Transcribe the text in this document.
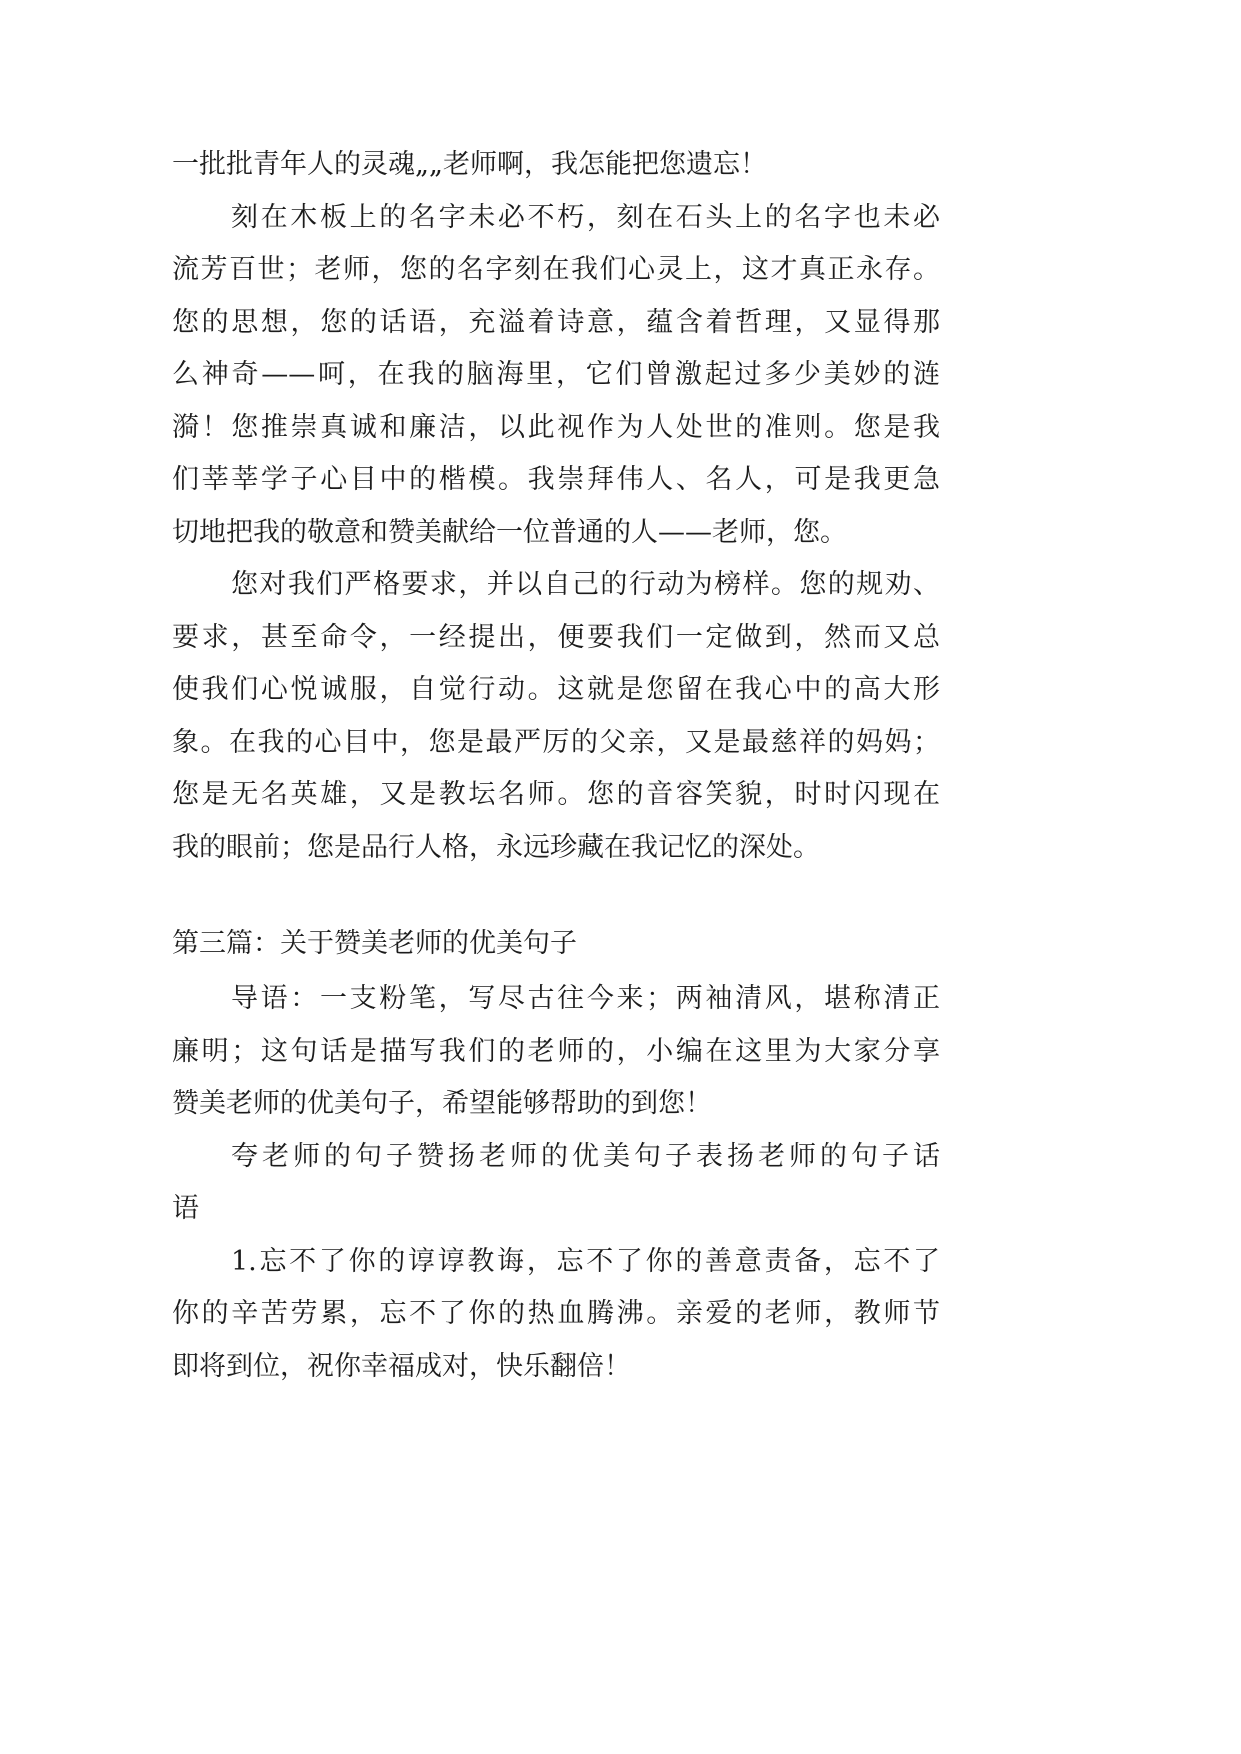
一批批青年人的灵魂„„老师啊，我怎能把您遗忘！
刻在木板上的名字未必不朽，刻在石头上的名字也未必
流芳百世；老师，您的名字刻在我们心灵上，这才真正永存。
您的思想，您的话语，充溢着诗意，蕴含着哲理，又显得那
么神奇——呵，在我的脑海里，它们曾激起过多少美妙的涟
漪！您推崇真诚和廉洁，以此视作为人处世的准则。您是我
们莘莘学子心目中的楷模。我崇拜伟人、名人，可是我更急
切地把我的敬意和赞美献给一位普通的人——老师，您。
您对我们严格要求，并以自己的行动为榜样。您的规劝、
要求，甚至命令，一经提出，便要我们一定做到，然而又总
使我们心悦诚服，自觉行动。这就是您留在我心中的高大形
象。在我的心目中，您是最严厉的父亲，又是最慈祥的妈妈；
您是无名英雄，又是教坛名师。您的音容笑貌，时时闪现在
我的眼前；您是品行人格，永远珍藏在我记忆的深处。
第三篇：关于赞美老师的优美句子
导语：一支粉笔，写尽古往今来；两袖清风，堪称清正
廉明；这句话是描写我们的老师的，小编在这里为大家分享
赞美老师的优美句子，希望能够帮助的到您！
夸老师的句子赞扬老师的优美句子表扬老师的句子话
语
1.忘不了你的谆谆教诲，忘不了你的善意责备，忘不了
你的辛苦劳累，忘不了你的热血腾沸。亲爱的老师，教师节
即将到位，祝你幸福成对，快乐翻倍！
